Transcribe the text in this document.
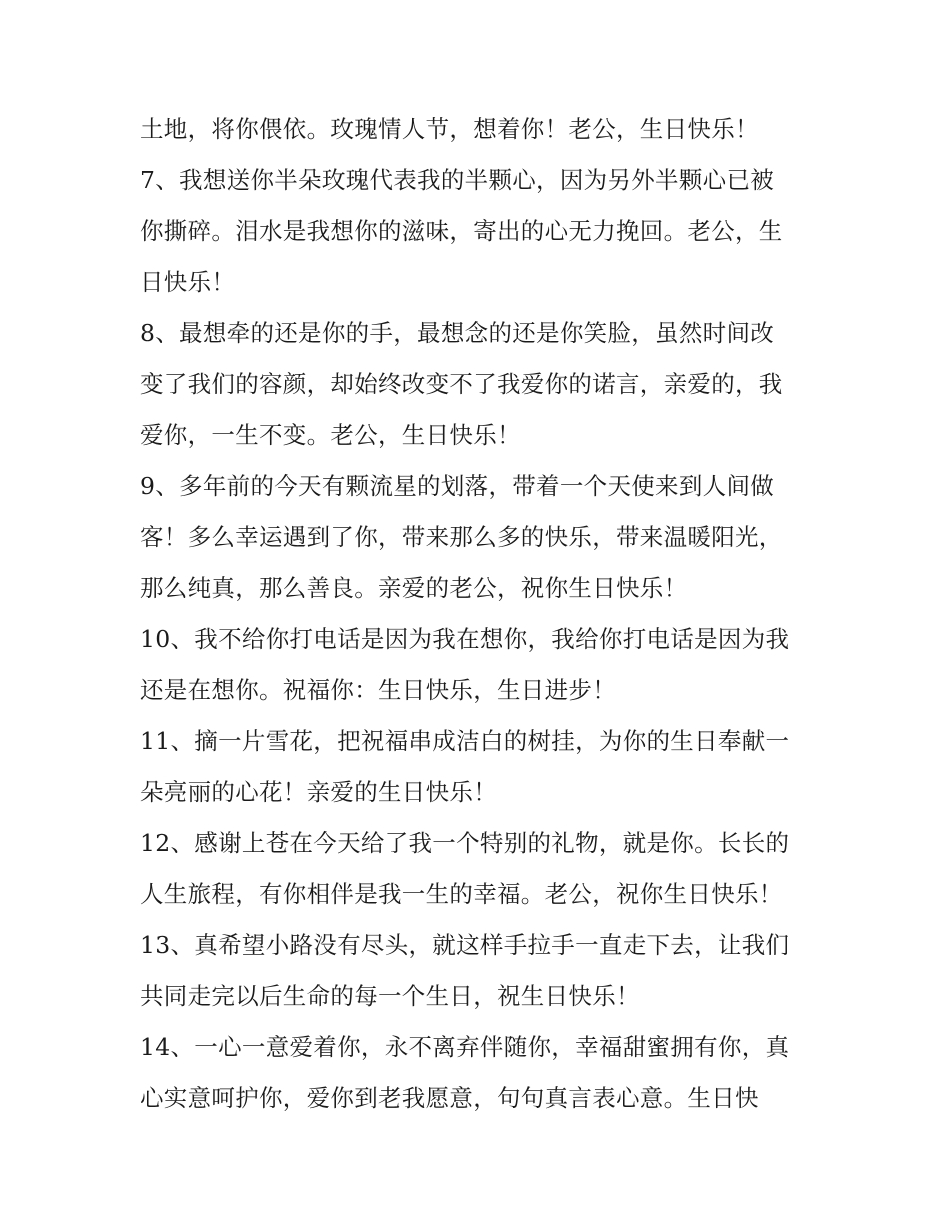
土地，将你偎依。玫瑰情人节，想着你！老公，生日快乐！
7、我想送你半朵玫瑰代表我的半颗心，因为另外半颗心已被
你撕碎。泪水是我想你的滋味，寄出的心无力挽回。老公，生
日快乐！
8、最想牵的还是你的手，最想念的还是你笑脸，虽然时间改
变了我们的容颜，却始终改变不了我爱你的诺言，亲爱的，我
爱你，一生不变。老公，生日快乐！
9、多年前的今天有颗流星的划落，带着一个天使来到人间做
客！多么幸运遇到了你，带来那么多的快乐，带来温暖阳光，
那么纯真，那么善良。亲爱的老公，祝你生日快乐！
10、我不给你打电话是因为我在想你，我给你打电话是因为我
还是在想你。祝福你：生日快乐，生日进步！
11、摘一片雪花，把祝福串成洁白的树挂，为你的生日奉献一
朵亮丽的心花！亲爱的生日快乐！
12、感谢上苍在今天给了我一个特别的礼物，就是你。长长的
人生旅程，有你相伴是我一生的幸福。老公，祝你生日快乐！
13、真希望小路没有尽头，就这样手拉手一直走下去，让我们
共同走完以后生命的每一个生日，祝生日快乐！
14、一心一意爱着你，永不离弃伴随你，幸福甜蜜拥有你，真
心实意呵护你，爱你到老我愿意，句句真言表心意。生日快
